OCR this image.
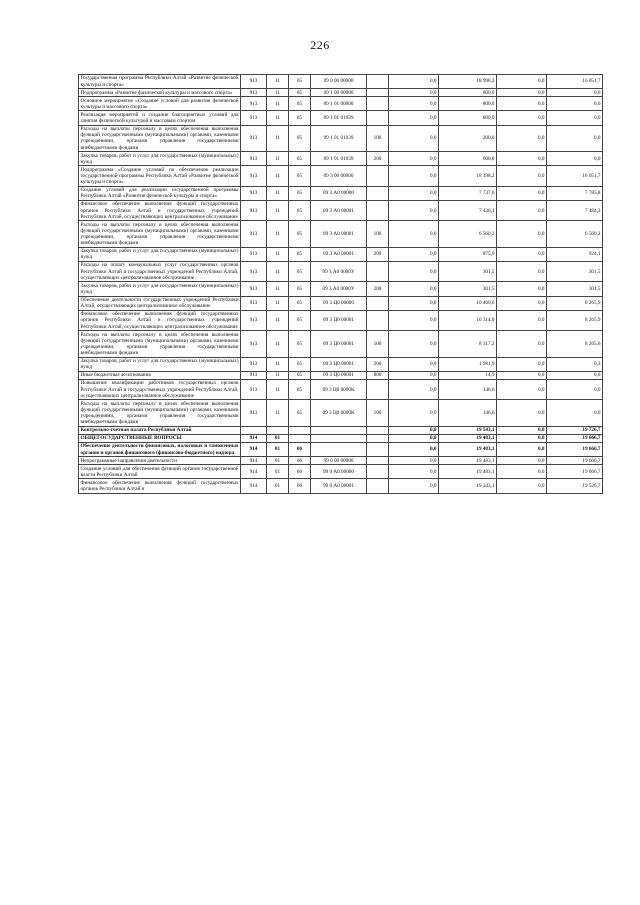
226
Государственная программа Республики Алтай «Развитие физической культуры и спорта»	913	11	05	09 0 00 00000		0,0	18 998,2	0,0	16 051,7
Подпрограмма «Развитие физической культуры и массового спорта»	913	11	05	09 1 00 00000		0,0	800,0	0,0	0,0
Основное мероприятие «Создание условий для развития физической культуры и массового спорта»	913	11	05	09 1 01 00000		0,0	800,0	0,0	0,0
Реализация мероприятий и создание благоприятных условий для занятия физической культурой и массовым спортом	913	11	05	09 1 01 01039		0,0	800,0	0,0	0,0
Расходы на выплаты персоналу в целях обеспечения выполнения функций государственными (муниципальными) органами, казенными учреждениями, органами управления государственными внебюджетными фондами	913	11	05	09 1 01 01039	100	0,0	200,0	0,0	0,0
Закупка товаров, работ и услуг для государственных (муниципальных) нужд	913	11	05	09 1 01 01039	200	0,0	600,0	0,0	0,0
Подпрограмма «Создание условий по обеспечению реализации государственной программы Республики Алтай «Развитие физической культуры и спорта»	913	11	05	09 3 00 00000		0,0	18 198,2	0,0	16 051,7
Создание условий для реализации государственной программы Республики Алтай «Развитие физической культуры и спорта»	913	11	05	09 3 А0 00000		0,0	7 737,6	0,0	7 785,8
Финансовое обеспечение выполнения функций государственных органов Республики Алтай и государственных учреждений Республики Алтай, осуществляющих централизованное обслуживание	913	11	05	09 3 А0 00001		0,0	7 436,1	0,0	7 484,3
Расходы на выплаты персоналу в целях обеспечения выполнения функций государственными (муниципальными) органами, казенными учреждениями, органами управления государственными внебюджетными фондами	913	11	05	09 3 А0 00001	100	0,0	6 560,2	0,0	6 560,2
Закупка товаров, работ и услуг для государственных (муниципальных) нужд	913	11	05	09 3 А0 00001	200	0,0	875,9	0,0	924,1
Расходы на оплату коммунальных услуг государственных органов Республики Алтай и государственных учреждений Республики Алтай, осуществляющих централизованное обслуживание	913	11	05	09 3 А0 0000У		0,0	301,5	0,0	301,5
Закупка товаров, работ и услуг для государственных (муниципальных) нужд	913	11	05	09 3 А0 0000У	200	0,0	301,5	0,0	301,5
Обеспечение деятельности государственных учреждений Республики Алтай, осуществляющих централизованное обслуживание	913	11	05	09 3 Ц0 00000		0,0	10 460,6	0,0	8 265,9
Финансовое обеспечение выполнения функций государственных органов Республики Алтай и государственных учреждений Республики Алтай, осуществляющих централизованное обслуживание	913	11	05	09 3 Ц0 00001		0,0	10 314,0	0,0	8 265,9
Расходы на выплаты персоналу в целях обеспечения выполнения функций государственными (муниципальными) органами, казенными учреждениями, органами управления государственными внебюджетными фондами	913	11	05	09 3 Ц0 00001	100	0,0	8 317,2	0,0	8 265,6
Закупка товаров, работ и услуг для государственных (муниципальных) нужд	913	11	05	09 3 Ц0 00001	200	0,0	1 981,9	0,0	0,3
Иные бюджетные ассигнования	913	11	05	09 3 Ц0 00001	800	0,0	14,9	0,0	0,0
Повышение квалификации работников государственных органов Республики Алтай и государственных учреждений Республики Алтай, осуществляющих централизованное обслуживание	913	11	05	09 3 Ц0 0000К		0,0	146,6	0,0	0,0
Расходы на выплаты персоналу в целях обеспечения выполнения функций государственными (муниципальными) органами, казенными учреждениями, органами управления государственными внебюджетными фондами	913	11	05	09 3 Ц0 0000К	100	0,0	146,6	0,0	0,0
Контрольно-счетная палата Республики Алтай						0,0	19 543,1	0,0	19 726,7
ОБЩЕГОСУДАРСТВЕННЫЕ ВОПРОСЫ	914	01				0,0	19 483,1	0,0	19 666,7
Обеспечение деятельности финансовых, налоговых и таможенных органов и органов финансового (финансово-бюджетного) надзора	914	01	06			0,0	19 483,1	0,0	19 666,7
Непрограммные направления деятельности	914	01	06	99 0 00 00000		0,0	19 483,1	0,0	19 666,7
Создание условий для обеспечения функций органов государственной власти Республики Алтай	914	01	06	99 0 А0 00000		0,0	19 483,1	0,0	19 666,7
Финансовое обеспечение выполнения функций государственных органов Республики Алтай и	914	01	06	99 0 А0 00001		0,0	19 343,1	0,0	19 526,7
